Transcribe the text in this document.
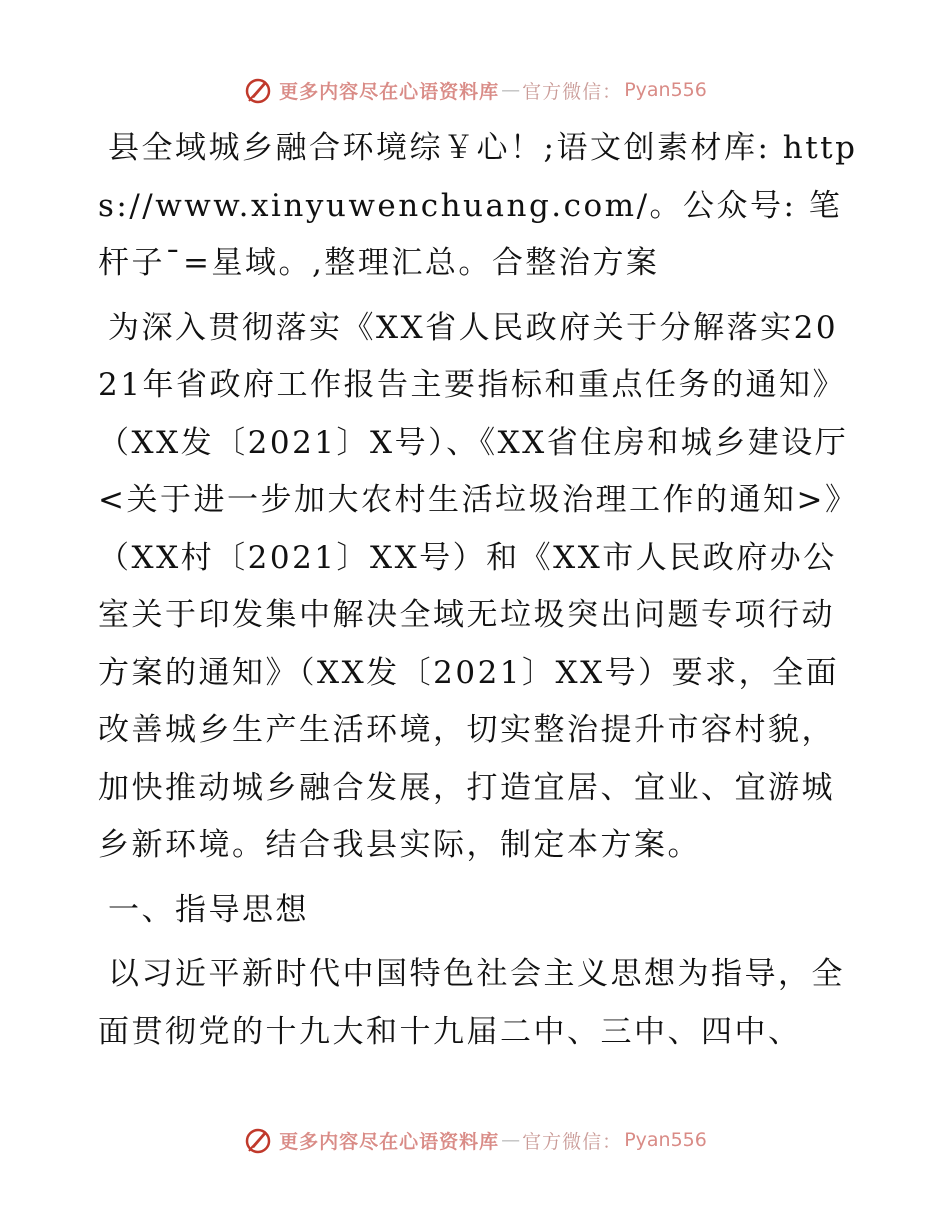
更多内容尽在心语资料库 — 官方微信： Pyan556

县全域城乡融合环境综￥心！;语文创素材库: https://www.xinyuwenchuang.com/。公众号: 笔杆子¯=星域。,整理汇总。合整治方案

为深入贯彻落实《XX省人民政府关于分解落实2021年省政府工作报告主要指标和重点任务的通知》（XX发〔2021〕X号）、《XX省住房和城乡建设厅<关于进一步加大农村生活垃圾治理工作的通知>》（XX村〔2021〕XX号）和《XX市人民政府办公室关于印发集中解决全域无垃圾突出问题专项行动方案的通知》（XX发〔2021〕XX号）要求，全面改善城乡生产生活环境，切实整治提升市容村貌，加快推动城乡融合发展，打造宜居、宜业、宜游城乡新环境。结合我县实际，制定本方案。

一、指导思想

以习近平新时代中国特色社会主义思想为指导，全面贯彻党的十九大和十九届二中、三中、四中、

更多内容尽在心语资料库 — 官方微信： Pyan556
